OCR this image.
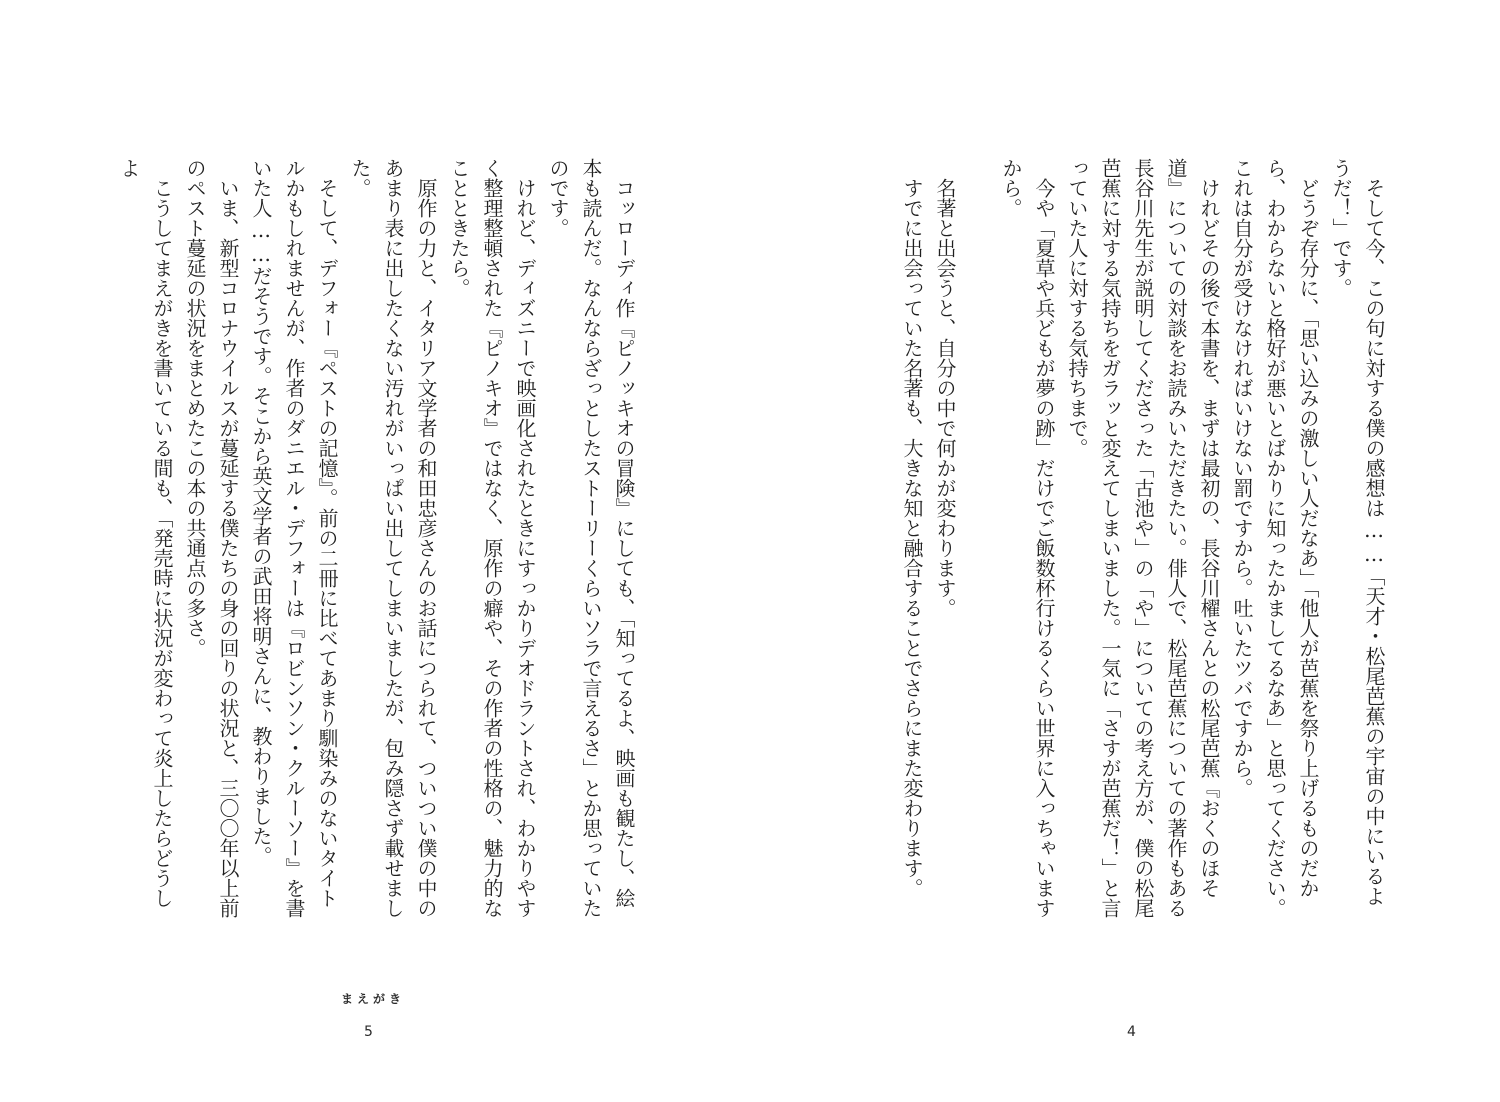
そして今、この句に対する僕の感想は……「天才・松尾芭蕉の宇宙の中にいるようだ！」です。

どうぞ存分に、「思い込みの激しい人だなあ」「他人が芭蕉を祭り上げるものだから、わからないと格好が悪いとばかりに知ったかましてるなあ」と思ってください。これは自分が受けなければいけない罰ですから。吐いたツバですから。

けれどその後で本書を、まずは最初の、長谷川櫂さんとの松尾芭蕉『おくのほそ道』についての対談をお読みいただきたい。俳人で、松尾芭蕉についての著作もある長谷川先生が説明してくださった「古池や」の「や」についての考え方が、僕の松尾芭蕉に対する気持ちをガラッと変えてしまいました。一気に「さすが芭蕉だ！」と言っていた人に対する気持ちまで。

今や「夏草や兵どもが夢の跡」だけでご飯数杯行けるくらい世界に入っちゃいますから。

名著と出会うと、自分の中で何かが変わります。

すでに出会っていた名著も、大きな知と融合することでさらにまた変わります。

4

コッローディ作『ピノッキオの冒険』にしても、「知ってるよ、映画も観たし、絵本も読んだ。なんならざっとしたストーリーくらいソラで言えるさ」とか思っていたのです。

けれど、ディズニーで映画化されたときにすっかりデオドラントされ、わかりやすく整理整頓された『ピノキオ』ではなく、原作の癖や、その作者の性格の、魅力的なことときたら。

原作の力と、イタリア文学者の和田忠彦さんのお話につられて、ついつい僕の中のあまり表に出したくない汚れがいっぱい出してしまいましたが、包み隠さず載せました。

そして、デフォー『ペストの記憶』。前の二冊に比べてあまり馴染みのないタイトルかもしれませんが、作者のダニエル・デフォーは『ロビンソン・クルーソー』を書いた人……だそうです。そこから英文学者の武田将明さんに、教わりました。

いま、新型コロナウイルスが蔓延する僕たちの身の回りの状況と、三〇〇年以上前のペスト蔓延の状況をまとめたこの本の共通点の多さ。

こうしてまえがきを書いている間も、「発売時に状況が変わって炎上したらどうしよ

まえがき
5
